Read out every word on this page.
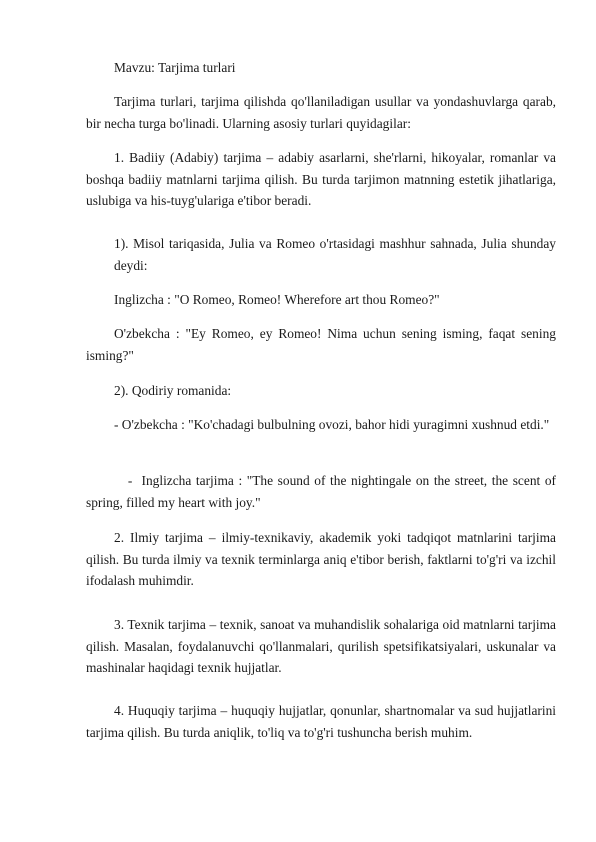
Mavzu: Tarjima turlari

Tarjima turlari, tarjima qilishda qo'llaniladigan usullar va yondashuvlarga qarab, bir necha turga bo'linadi. Ularning asosiy turlari quyidagilar:

1. Badiiy (Adabiy) tarjima – adabiy asarlarni, she'rlarni, hikoyalar, romanlar va boshqa badiiy matnlarni tarjima qilish. Bu turda tarjimon matnning estetik jihatlariga, uslubiga va his-tuyg'ulariga e'tibor beradi.

1). Misol tariqasida, Julia va Romeo o'rtasidagi mashhur sahnada, Julia shunday deydi:

Inglizcha : "O Romeo, Romeo! Wherefore art thou Romeo?"

O'zbekcha : "Ey Romeo, ey Romeo! Nima uchun sening isming, faqat sening isming?"

2). Qodiriy romanida:

- O'zbekcha : "Ko'chadagi bulbulning ovozi, bahor hidi yuragimni xushnud etdi."

-  Inglizcha tarjima : "The sound of the nightingale on the street, the scent of spring, filled my heart with joy."

2. Ilmiy tarjima – ilmiy-texnikaviy, akademik yoki tadqiqot matnlarini tarjima qilish. Bu turda ilmiy va texnik terminlarga aniq e'tibor berish, faktlarni to'g'ri va izchil ifodalash muhimdir.

3. Texnik tarjima – texnik, sanoat va muhandislik sohalariga oid matnlarni tarjima qilish. Masalan, foydalanuvchi qo'llanmalari, qurilish spetsifikatsiyalari, uskunalar va mashinalar haqidagi texnik hujjatlar.

4. Huquqiy tarjima – huquqiy hujjatlar, qonunlar, shartnomalar va sud hujjatlarini tarjima qilish. Bu turda aniqlik, to'liq va to'g'ri tushuncha berish muhim.
